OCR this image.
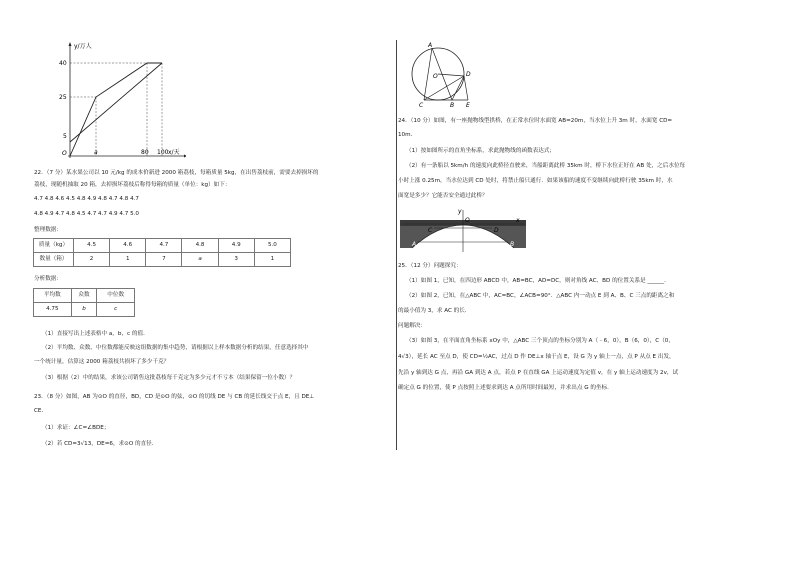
y/万人
x/天
40
25
5
a	80 100
O
22．（7 分）某水果公司以 10 元/kg 的成本价新进 2000 箱荔枝，每箱质量 5kg，在出售荔枝前，需要去掉损坏的
荔枝，现随机抽取 20 箱，去掉损坏荔枝后称得每箱的质量（单位：kg）如下：
4.7 4.8 4.6 4.5 4.8 4.9 4.8 4.7 4.8 4.7
4.8 4.9 4.7 4.8 4.5 4.7 4.7 4.9 4.7 5.0
整理数据：
质量（kg）	4.5	4.6	4.7	4.8	4.9	5.0
数量（箱）	2	1	7	a	3	1
分析数据：
平均数	众数	中位数
4.75	b	c
（1）直接写出上述表格中 a，b，c 的值．
（2）平均数、众数、中位数都能反映这组数据的集中趋势，请根据以上样本数据分析的结果，任意选择其中
一个统计量，估算这 2000 箱荔枝共损坏了多少千克？
（3）根据（2）中的结果，求该公司销售这批荔枝每千克定为多少元才不亏本（结果保留一位小数）？
23．（8 分）如图，AB 为⊙O 的直径，BD，CD 是⊙O 的弦，⊙O 的切线 DE 与 CB 的延长线交于点 E，且 DE⊥
CE．
（1）求证：∠C=∠BDE；
（2）若 CD=3√13，DE=6，求⊙O 的直径．
A
O	D
C	B E
24．（10 分）如图，有一座抛物线型拱桥，在正常水位时水面宽 AB=20m，当水位上升 3m 时，水面宽 CD=
10m．
（1）按如图所示的直角坐标系，求此抛物线的函数表达式；
（2）有一条船以 5km/h 的速度向此桥径直驶来，当船距离此桥 35km 时，桥下水位正好在 AB 处，之后水位每
小时上涨 0.25m，当水位达到 CD 处时，将禁止船只通行．如果该船的速度不变继续向此桥行驶 35km 时，水
面宽是多少？它能否安全通过此桥？
y
C	D
O	x
A	B
25．（12 分）问题探究：
（1）如图 1，已知，在四边形 ABCD 中，AB=BC，AD=DC，则对角线 AC、BD 的位置关系是 ______．
（2）如图 2，已知，在△ABC 中，AC=BC，∠ACB=90°．△ABC 内一动点 E 到 A、B、C 三点的距离之和
的最小值为 3，求 AC 的长．
问题解决：
（3）如图 3，在平面直角坐标系 xOy 中，△ABC 三个顶点的坐标分别为 A（﹣6，0），B（6，0），C（0，
4√3），延长 AC 至点 D，使 CD=½AC，过点 D 作 DE⊥x 轴于点 E，设 G 为 y 轴上一点，点 P 从点 E 出发，
先沿 y 轴到达 G 点，再沿 GA 到达 A 点，若点 P 在直线 GA 上运动速度为定值 v，在 y 轴上运动速度为 2v，试
确定点 G 的位置，使 P 点按照上述要求到达 A 点所用时间最短，并求出点 G 的坐标．
